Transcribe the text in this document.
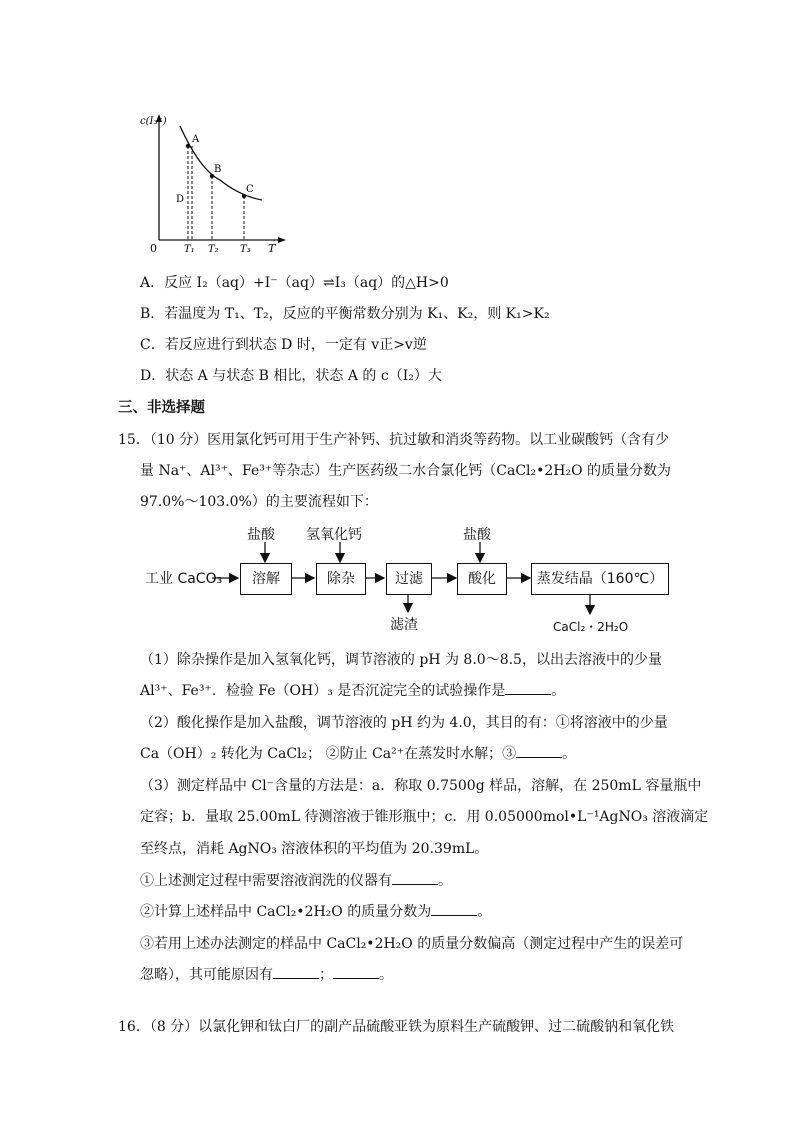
c(I₃⁻)
0	T
T₁ T₂ T₃
A
B
C
D
A．反应 I₂（aq）+I⁻（aq）⇌I₃（aq）的△H>0
B．若温度为 T₁、T₂，反应的平衡常数分别为 K₁、K₂，则 K₁>K₂
C．若反应进行到状态 D 时，一定有 v正>v逆
D．状态 A 与状态 B 相比，状态 A 的 c（I₂）大
三、非选择题
15．（10 分）医用氯化钙可用于生产补钙、抗过敏和消炎等药物。以工业碳酸钙（含有少
量 Na⁺、Al³⁺、Fe³⁺等杂志）生产医药级二水合氯化钙（CaCl₂•2H₂O 的质量分数为
97.0%～103.0%）的主要流程如下：
工业 CaCO₃	溶解	除杂	过滤	酸化	蒸发结晶（160℃）
盐酸 氢氧化钙	盐酸
滤渣	CaCl₂・2H₂O
（1）除杂操作是加入氢氧化钙，调节溶液的 pH 为 8.0～8.5，以出去溶液中的少量
Al³⁺、Fe³⁺．检验 Fe（OH）₃ 是否沉淀完全的试验操作是	。
（2）酸化操作是加入盐酸，调节溶液的 pH 约为 4.0，其目的有：①将溶液中的少量
Ca（OH）₂ 转化为 CaCl₂； ②防止 Ca²⁺在蒸发时水解；③	。
（3）测定样品中 Cl⁻含量的方法是：a．称取 0.7500g 样品，溶解，在 250mL 容量瓶中
定容；b．量取 25.00mL 待测溶液于锥形瓶中；c．用 0.05000mol•L⁻¹AgNO₃ 溶液滴定
至终点，消耗 AgNO₃ 溶液体积的平均值为 20.39mL。
①上述测定过程中需要溶液润洗的仪器有	。
②计算上述样品中 CaCl₂•2H₂O 的质量分数为	。
③若用上述办法测定的样品中 CaCl₂•2H₂O 的质量分数偏高（测定过程中产生的误差可
忽略），其可能原因有	；	。
16．（8 分）以氯化钾和钛白厂的副产品硫酸亚铁为原料生产硫酸钾、过二硫酸钠和氧化铁
